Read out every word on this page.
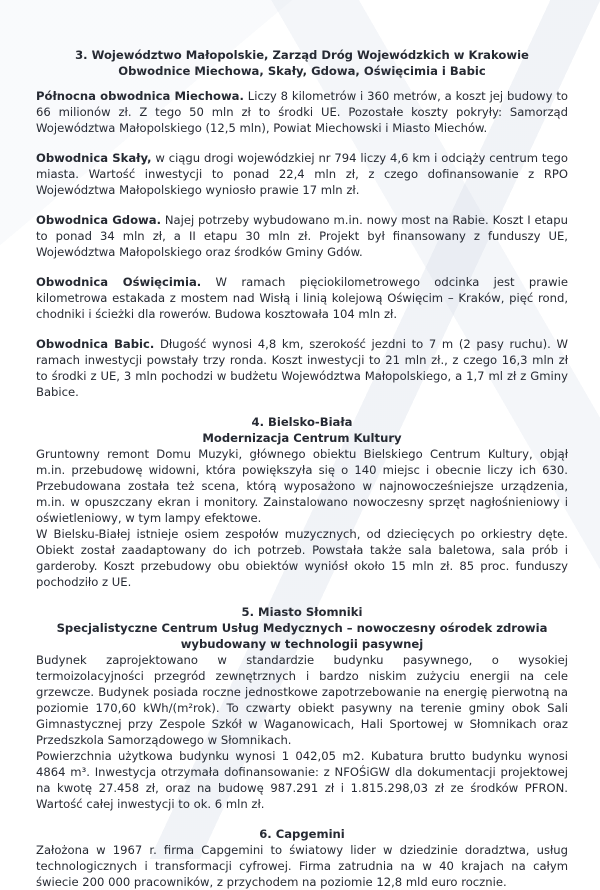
3. Województwo Małopolskie, Zarząd Dróg Wojewódzkich w Krakowie
Obwodnice Miechowa, Skały, Gdowa, Oświęcimia i Babic

Północna obwodnica Miechowa. Liczy 8 kilometrów i 360 metrów, a koszt jej budowy to 66 milionów zł. Z tego 50 mln zł to środki UE. Pozostałe koszty pokryły: Samorząd Województwa Małopolskiego (12,5 mln), Powiat Miechowski i Miasto Miechów.

Obwodnica Skały, w ciągu drogi wojewódzkiej nr 794 liczy 4,6 km i odciąży centrum tego miasta. Wartość inwestycji to ponad 22,4 mln zł, z czego dofinansowanie z RPO Województwa Małopolskiego wyniosło prawie 17 mln zł.

Obwodnica Gdowa. Najej potrzeby wybudowano m.in. nowy most na Rabie. Koszt I etapu to ponad 34 mln zł, a II etapu 30 mln zł. Projekt był finansowany z funduszy UE, Województwa Małopolskiego oraz środków Gminy Gdów.

Obwodnica Oświęcimia. W ramach pięciokilometrowego odcinka jest prawie kilometrowa estakada z mostem nad Wisłą i linią kolejową Oświęcim – Kraków, pięć rond, chodniki i ścieżki dla rowerów. Budowa kosztowała 104 mln zł.

Obwodnica Babic. Długość wynosi 4,8 km, szerokość jezdni to 7 m (2 pasy ruchu). W ramach inwestycji powstały trzy ronda. Koszt inwestycji to 21 mln zł., z czego 16,3 mln zł to środki z UE, 3 mln pochodzi w budżetu Województwa Małopolskiego, a 1,7 ml zł z Gminy Babice.

4. Bielsko-Biała
Modernizacja Centrum Kultury

Gruntowny remont Domu Muzyki, głównego obiektu Bielskiego Centrum Kultury, objął m.in. przebudowę widowni, która powiększyła się o 140 miejsc i obecnie liczy ich 630. Przebudowana została też scena, którą wyposażono w najnowocześniejsze urządzenia, m.in. w opuszczany ekran i monitory. Zainstalowano nowoczesny sprzęt nagłośnieniowy i oświetleniowy, w tym lampy efektowe.

W Bielsku-Białej istnieje osiem zespołów muzycznych, od dziecięcych po orkiestry dęte. Obiekt został zaadaptowany do ich potrzeb. Powstała także sala baletowa, sala prób i garderoby. Koszt przebudowy obu obiektów wyniósł około 15 mln zł. 85 proc. funduszy pochodziło z UE.

5. Miasto Słomniki
Specjalistyczne Centrum Usług Medycznych – nowoczesny ośrodek zdrowia
wybudowany w technologii pasywnej

Budynek zaprojektowano w standardzie budynku pasywnego, o wysokiej termoizolacyjności przegród zewnętrznych i bardzo niskim zużyciu energii na cele grzewcze. Budynek posiada roczne jednostkowe zapotrzebowanie na energię pierwotną na poziomie 170,60 kWh/(m²rok). To czwarty obiekt pasywny na terenie gminy obok Sali Gimnastycznej przy Zespole Szkół w Waganowicach, Hali Sportowej w Słomnikach oraz Przedszkola Samorządowego w Słomnikach.

Powierzchnia użytkowa budynku wynosi 1 042,05 m2. Kubatura brutto budynku wynosi 4864 m³. Inwestycja otrzymała dofinansowanie: z NFOŚiGW dla dokumentacji projektowej na kwotę 27.458 zł, oraz na budowę 987.291 zł i 1.815.298,03 zł ze środków PFRON. Wartość całej inwestycji to ok. 6 mln zł.

6. Capgemini

Założona w 1967 r. firma Capgemini to światowy lider w dziedzinie doradztwa, usług technologicznych i transformacji cyfrowej. Firma zatrudnia na w 40 krajach na całym świecie 200 000 pracowników, z przychodem na poziomie 12,8 mld euro rocznie.
